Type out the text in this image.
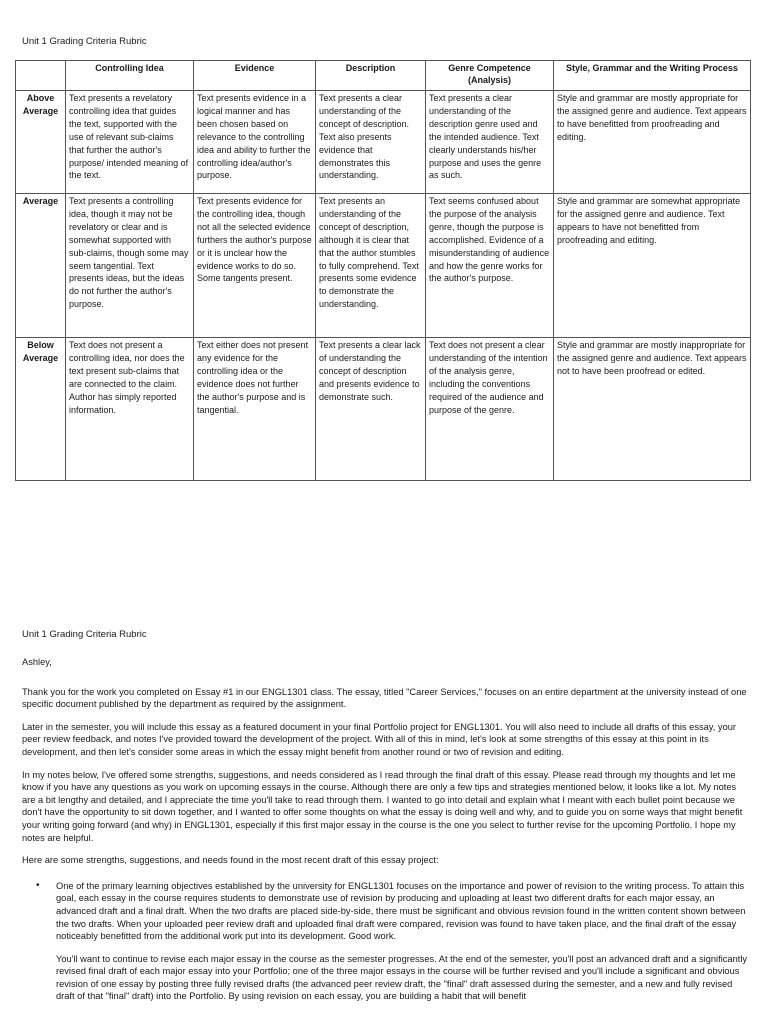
Unit 1 Grading Criteria Rubric
	Controlling Idea	Evidence	Description	Genre Competence (Analysis)	Style, Grammar and the Writing Process
Above Average	Text presents a revelatory controlling idea that guides the text, supported with the use of relevant sub-claims that further the author's purpose/ intended meaning of the text.	Text presents evidence in a logical manner and has been chosen based on relevance to the controlling idea and ability to further the controlling idea/author's purpose.	Text presents a clear understanding of the concept of description. Text also presents evidence that demonstrates this understanding.	Text presents a clear understanding of the description genre used and the intended audience. Text clearly understands his/her purpose and uses the genre as such.	Style and grammar are mostly appropriate for the assigned genre and audience. Text appears to have benefitted from proofreading and editing.
Average	Text presents a controlling idea, though it may not be revelatory or clear and is somewhat supported with sub-claims, though some may seem tangential. Text presents ideas, but the ideas do not further the author's purpose.	Text presents evidence for the controlling idea, though not all the selected evidence furthers the author's purpose or it is unclear how the evidence works to do so. Some tangents present.	Text presents an understanding of the concept of description, although it is clear that that the author stumbles to fully comprehend. Text presents some evidence to demonstrate the understanding.	Text seems confused about the purpose of the analysis genre, though the purpose is accomplished. Evidence of a misunderstanding of audience and how the genre works for the author's purpose.	Style and grammar are somewhat appropriate for the assigned genre and audience. Text appears to have not benefitted from proofreading and editing.
Below Average	Text does not present a controlling idea, nor does the text present sub-claims that are connected to the claim. Author has simply reported information.	Text either does not present any evidence for the controlling idea or the evidence does not further the author's purpose and is tangential.	Text presents a clear lack of understanding the concept of description and presents evidence to demonstrate such.	Text does not present a clear understanding of the intention of the analysis genre, including the conventions required of the audience and purpose of the genre.	Style and grammar are mostly inappropriate for the assigned genre and audience. Text appears not to have been proofread or edited.
Unit 1 Grading Criteria Rubric

Ashley,

Thank you for the work you completed on Essay #1 in our ENGL1301 class. The essay, titled "Career Services," focuses on an entire department at the university instead of one specific document published by the department as required by the assignment.

Later in the semester, you will include this essay as a featured document in your final Portfolio project for ENGL1301. You will also need to include all drafts of this essay, your peer review feedback, and notes I've provided toward the development of the project. With all of this in mind, let's look at some strengths of this essay at this point in its development, and then let's consider some areas in which the essay might benefit from another round or two of revision and editing.

In my notes below, I've offered some strengths, suggestions, and needs considered as I read through the final draft of this essay. Please read through my thoughts and let me know if you have any questions as you work on upcoming essays in the course. Although there are only a few tips and strategies mentioned below, it looks like a lot. My notes are a bit lengthy and detailed, and I appreciate the time you'll take to read through them. I wanted to go into detail and explain what I meant with each bullet point because we don't have the opportunity to sit down together, and I wanted to offer some thoughts on what the essay is doing well and why, and to guide you on some ways that might benefit your writing going forward (and why) in ENGL1301, especially if this first major essay in the course is the one you select to further revise for the upcoming Portfolio. I hope my notes are helpful.

Here are some strengths, suggestions, and needs found in the most recent draft of this essay project:

•	One of the primary learning objectives established by the university for ENGL1301 focuses on the importance and power of revision to the writing process. To attain this goal, each essay in the course requires students to demonstrate use of revision by producing and uploading at least two different drafts for each major essay, an advanced draft and a final draft. When the two drafts are placed side-by-side, there must be significant and obvious revision found in the written content shown between the two drafts. When your uploaded peer review draft and uploaded final draft were compared, revision was found to have taken place, and the final draft of the essay noticeably benefitted from the additional work put into its development. Good work.

You'll want to continue to revise each major essay in the course as the semester progresses. At the end of the semester, you'll post an advanced draft and a significantly revised final draft of each major essay into your Portfolio; one of the three major essays in the course will be further revised and you'll include a significant and obvious revision of one essay by posting three fully revised drafts (the advanced peer review draft, the "final" draft assessed during the semester, and a new and fully revised draft of that "final" draft) into the Portfolio. By using revision on each essay, you are building a habit that will benefit
